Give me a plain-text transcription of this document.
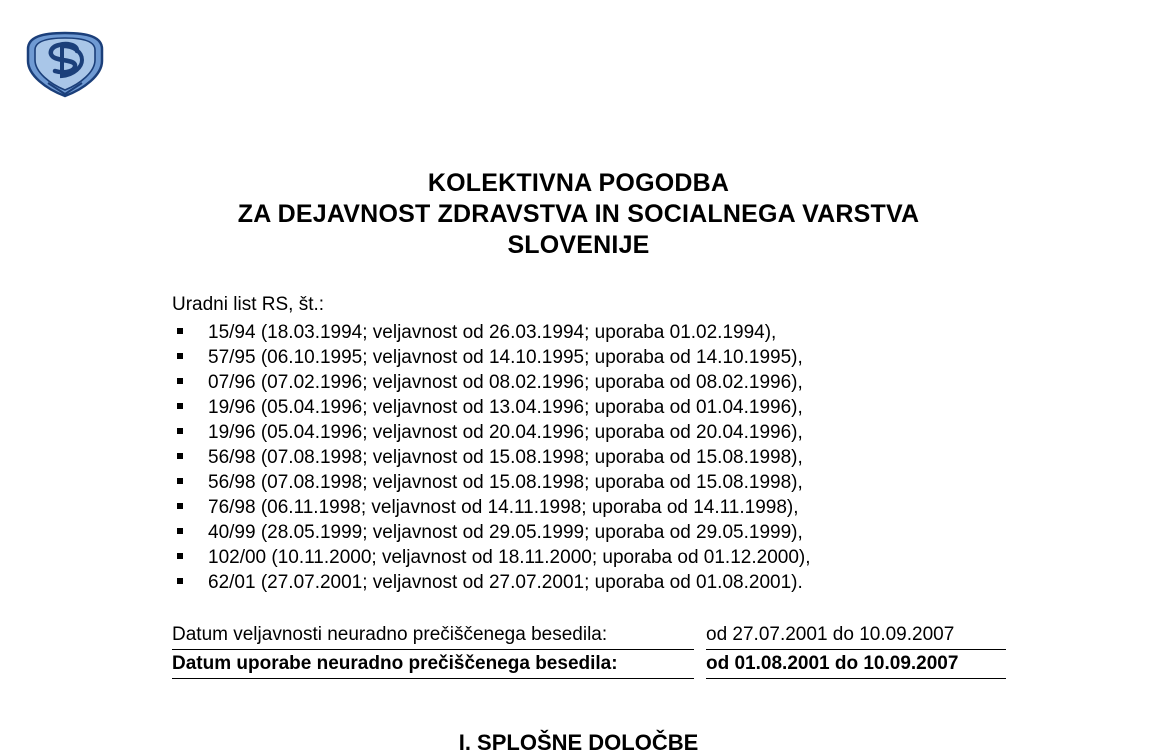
KOLEKTIVNA POGODBA
ZA DEJAVNOST ZDRAVSTVA IN SOCIALNEGA VARSTVA
SLOVENIJE

Uradni list RS, št.:

15/94 (18.03.1994; veljavnost od 26.03.1994; uporaba 01.02.1994),
57/95 (06.10.1995; veljavnost od 14.10.1995; uporaba od 14.10.1995),
07/96 (07.02.1996; veljavnost od 08.02.1996; uporaba od 08.02.1996),
19/96 (05.04.1996; veljavnost od 13.04.1996; uporaba od 01.04.1996),
19/96 (05.04.1996; veljavnost od 20.04.1996; uporaba od 20.04.1996),
56/98 (07.08.1998; veljavnost od 15.08.1998; uporaba od 15.08.1998),
56/98 (07.08.1998; veljavnost od 15.08.1998; uporaba od 15.08.1998),
76/98 (06.11.1998; veljavnost od 14.11.1998; uporaba od 14.11.1998),
40/99 (28.05.1999; veljavnost od 29.05.1999; uporaba od 29.05.1999),
102/00 (10.11.2000; veljavnost od 18.11.2000; uporaba od 01.12.2000),
62/01 (27.07.2001; veljavnost od 27.07.2001; uporaba od 01.08.2001).
Datum veljavnosti neuradno prečiščenega besedila:	od 27.07.2001 do 10.09.2007
Datum uporabe neuradno prečiščenega besedila:	od 01.08.2001 do 10.09.2007
I. SPLOŠNE DOLOČBE
